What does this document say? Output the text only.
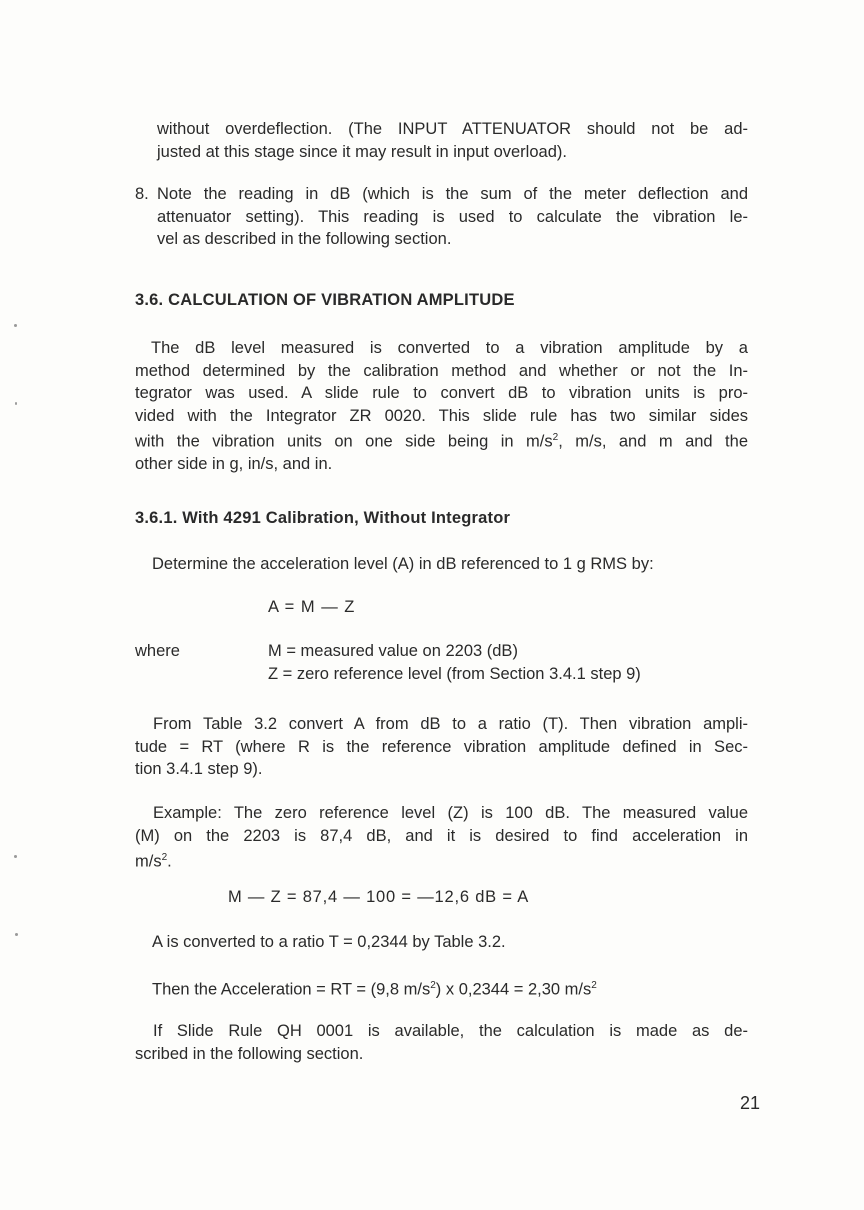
without overdeflection. (The INPUT ATTENUATOR should not be ad-

justed at this stage since it may result in input overload).

8. Note the reading in dB (which is the sum of the meter deflection and

attenuator setting). This reading is used to calculate the vibration le-

vel as described in the following section.

3.6. CALCULATION OF VIBRATION AMPLITUDE

The dB level measured is converted to a vibration amplitude by a

method determined by the calibration method and whether or not the In-

tegrator was used. A slide rule to convert dB to vibration units is pro-

vided with the Integrator ZR 0020. This slide rule has two similar sides

with the vibration units on one side being in $m/s^2$, m/s, and m and the

other side in g, in/s, and in.

3.6.1. With 4291 Calibration, Without Integrator
Determine the acceleration level (A) in dB referenced to 1 g RMS by:
A = M — Z
where	M = measured value on 2203 (dB)

Z = zero reference level (from Section 3.4.1 step 9)

From Table 3.2 convert A from dB to a ratio (T). Then vibration ampli-

tude = RT (where R is the reference vibration amplitude defined in Sec-

tion 3.4.1 step 9).

Example: The zero reference level (Z) is 100 dB. The measured value

(M) on the 2203 is 87,4 dB, and it is desired to find acceleration in

$m/s^2$.

M — Z = 87,4 — 100 = —12,6 dB = A
A is converted to a ratio T = 0,2344 by Table 3.2.
Then the Acceleration = RT = (9,8 $m/s^2$) x 0,2344 = 2,30 $m/s^2$

If Slide Rule QH 0001 is available, the calculation is made as de-

scribed in the following section.

21
